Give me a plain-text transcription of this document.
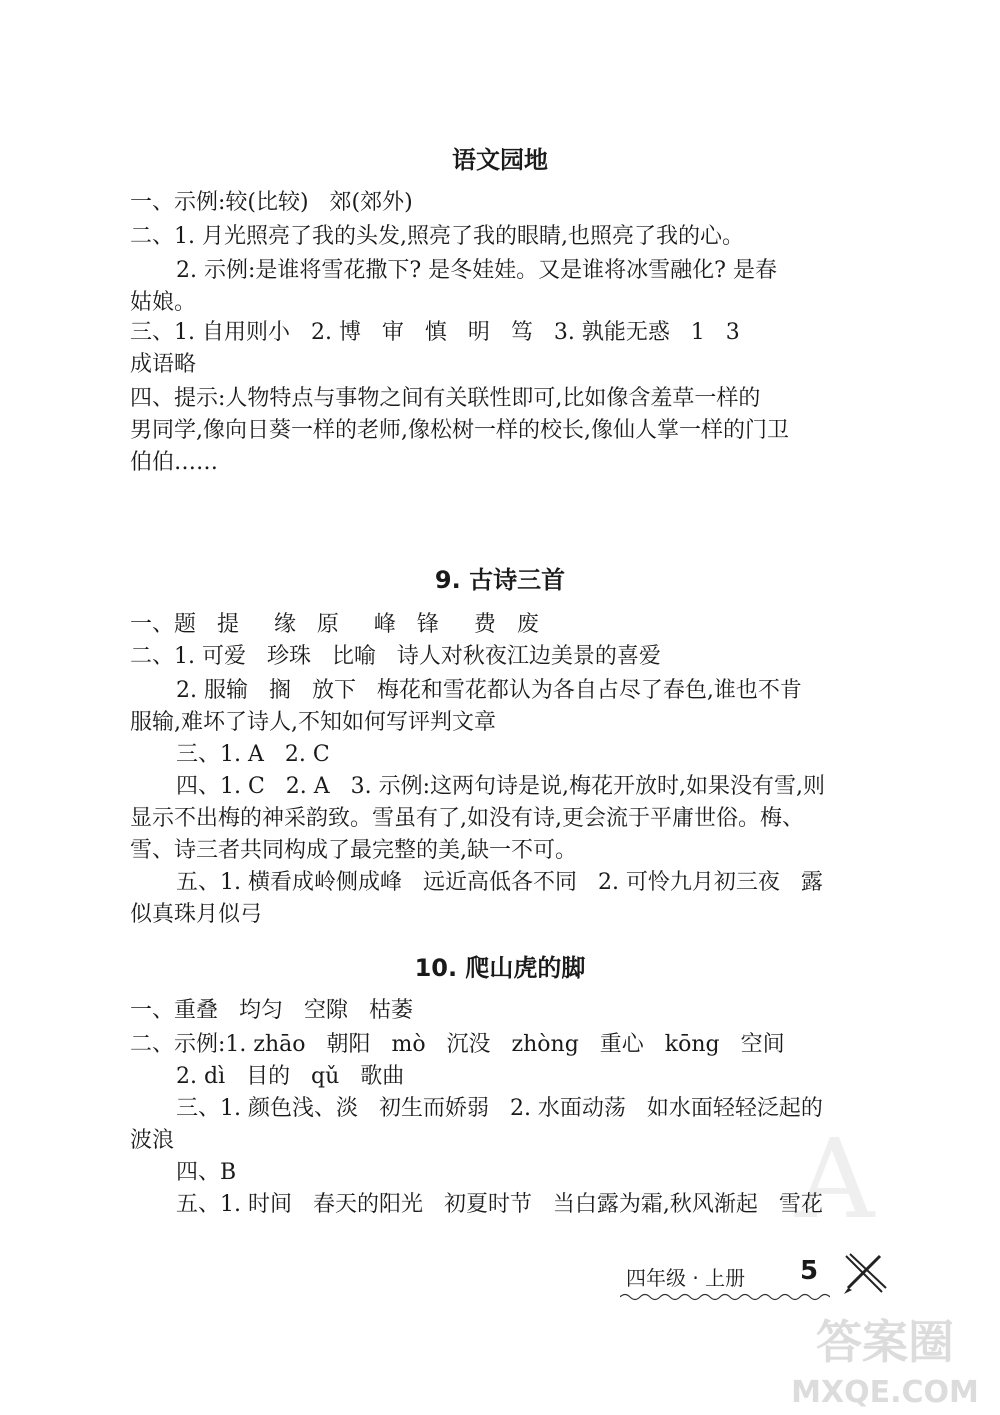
A
语文园地
一、示例:较(比较)   郊(郊外)
二、1. 月光照亮了我的头发,照亮了我的眼睛,也照亮了我的心。
2. 示例:是谁将雪花撒下? 是冬娃娃。又是谁将冰雪融化? 是春
姑娘。
三、1. 自用则小   2. 博   审   慎   明   笃   3. 孰能无惑   1   3
成语略
四、提示:人物特点与事物之间有关联性即可,比如像含羞草一样的
男同学,像向日葵一样的老师,像松树一样的校长,像仙人掌一样的门卫
伯伯……
9. 古诗三首
一、题   提     缘   原     峰   锋     费   废
二、1. 可爱   珍珠   比喻   诗人对秋夜江边美景的喜爱
2. 服输   搁   放下   梅花和雪花都认为各自占尽了春色,谁也不肯
服输,难坏了诗人,不知如何写评判文章
三、1. A   2. C
四、1. C   2. A   3. 示例:这两句诗是说,梅花开放时,如果没有雪,则
显示不出梅的神采韵致。雪虽有了,如没有诗,更会流于平庸世俗。梅、
雪、诗三者共同构成了最完整的美,缺一不可。
五、1. 横看成岭侧成峰   远近高低各不同   2. 可怜九月初三夜   露
似真珠月似弓
10. 爬山虎的脚
一、重叠   均匀   空隙   枯萎
二、示例:1. zhāo   朝阳   mò   沉没   zhòng   重心   kōng   空间
2. dì   目的   qǔ   歌曲
三、1. 颜色浅、淡   初生而娇弱   2. 水面动荡   如水面轻轻泛起的
波浪
四、B
五、1. 时间   春天的阳光   初夏时节   当白露为霜,秋风渐起   雪花
四年级 · 上册 5
答案圈
MXQE.COM
